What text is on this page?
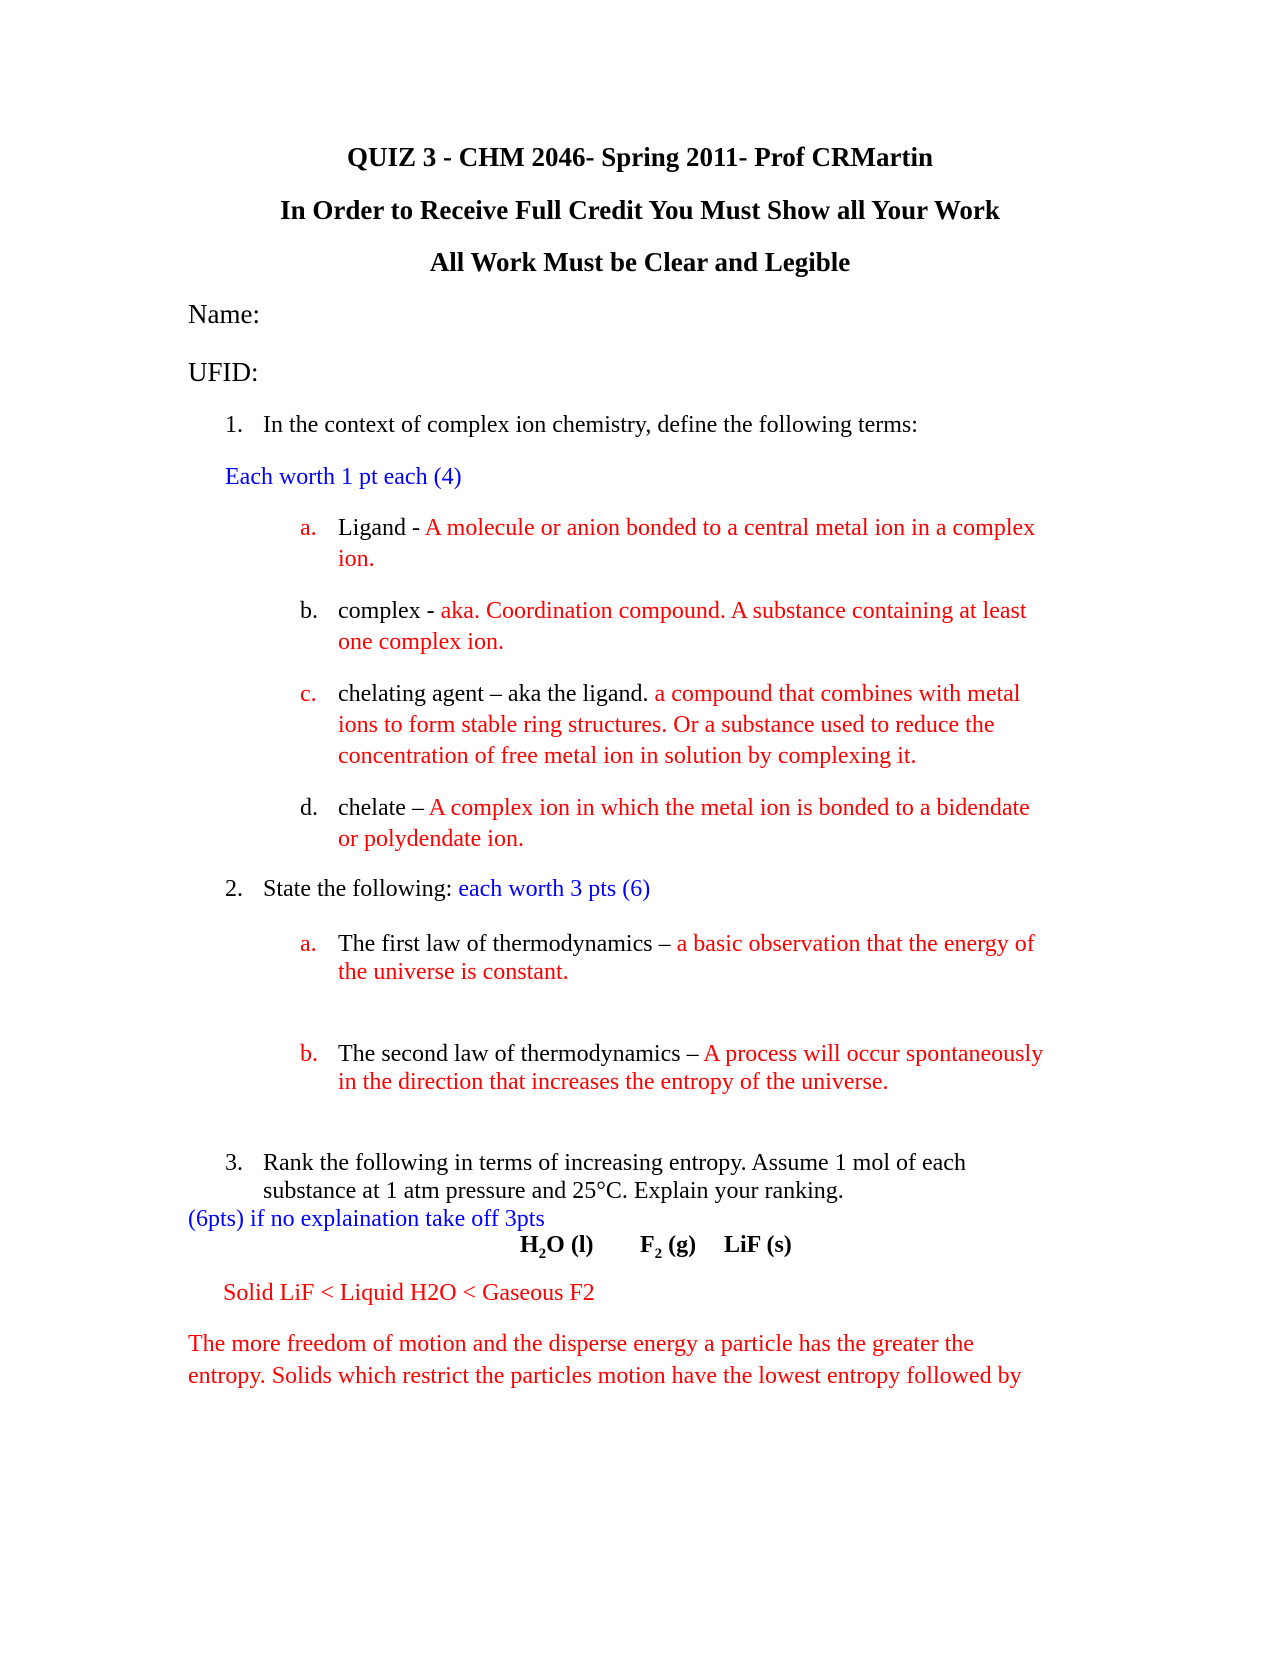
QUIZ 3 - CHM 2046- Spring 2011- Prof CRMartin
In Order to Receive Full Credit You Must Show all Your Work
All Work Must be Clear and Legible
Name:
UFID:
1. In the context of complex ion chemistry, define the following terms:
Each worth 1 pt each (4)
a. Ligand - A molecule or anion bonded to a central metal ion in a complex
ion.
b. complex - aka. Coordination compound. A substance containing at least
one complex ion.
c. chelating agent – aka the ligand. a compound that combines with metal
ions to form stable ring structures. Or a substance used to reduce the
concentration of free metal ion in solution by complexing it.
d. chelate – A complex ion in which the metal ion is bonded to a bidendate
or polydendate ion.
2. State the following: each worth 3 pts (6)
a. The first law of thermodynamics – a basic observation that the energy of
the universe is constant.
b. The second law of thermodynamics – A process will occur spontaneously
in the direction that increases the entropy of the universe.
3. Rank the following in terms of increasing entropy. Assume 1 mol of each
substance at 1 atm pressure and 25°C. Explain your ranking.
(6pts) if no explaination take off 3pts
$H_2O$ (l) $F_2$ (g) LiF (s)
Solid LiF < Liquid H2O < Gaseous F2
The more freedom of motion and the disperse energy a particle has the greater the
entropy. Solids which restrict the particles motion have the lowest entropy followed by
